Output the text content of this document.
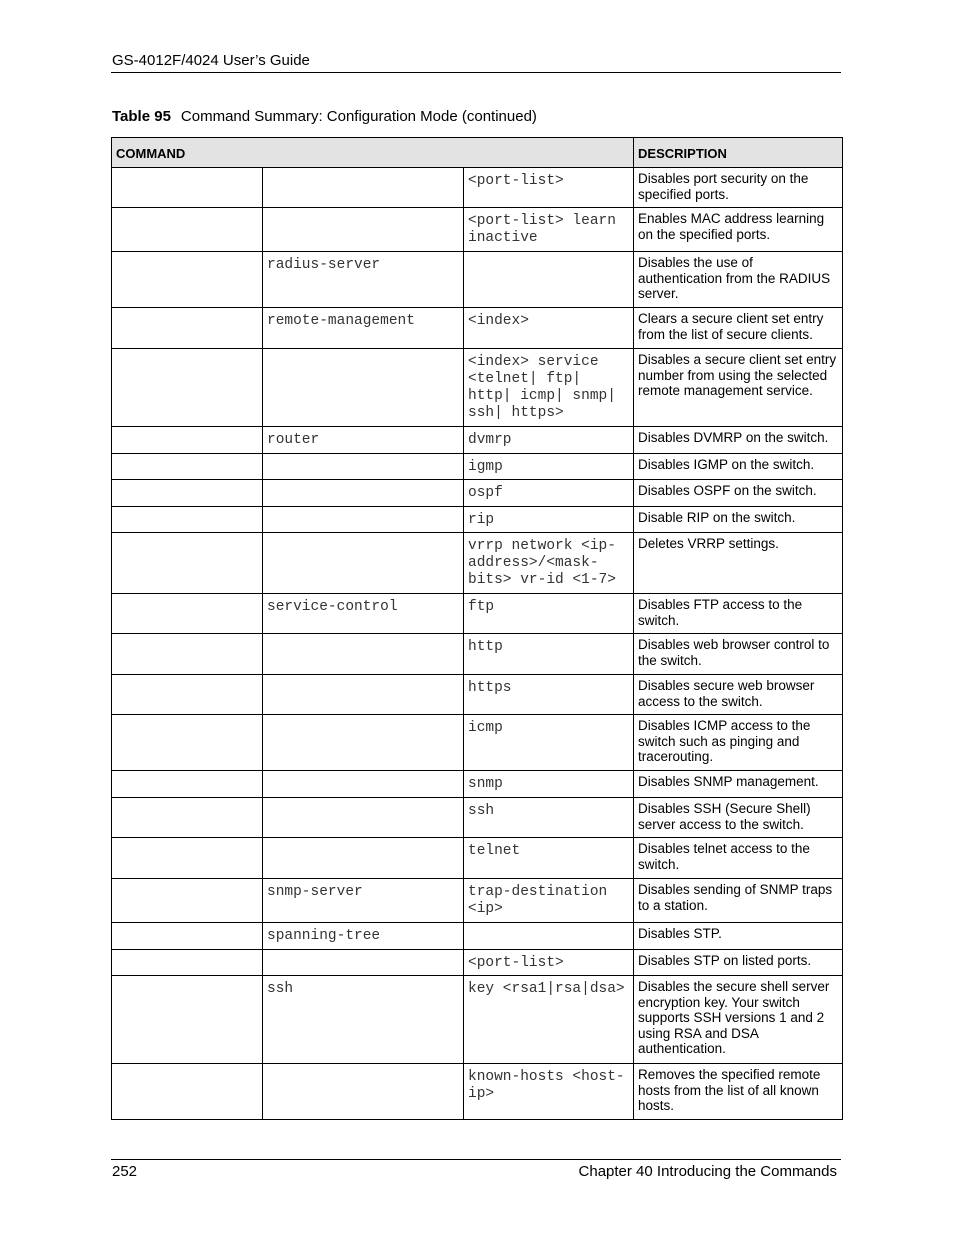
GS-4012F/4024 User’s Guide
Table 95 Command Summary: Configuration Mode (continued)
COMMAND			DESCRIPTION
		<port-list>	Disables port security on the specified ports.
		<port-list> learn inactive	Enables MAC address learning on the specified ports.
	radius-server		Disables the use of authentication from the RADIUS server.
	remote-management	<index>	Clears a secure client set entry from the list of secure clients.
		<index> service <telnet| ftp| http| icmp| snmp| ssh| https>	Disables a secure client set entry number from using the selected remote management service.
	router	dvmrp	Disables DVMRP on the switch.
		igmp	Disables IGMP on the switch.
		ospf	Disables OSPF on the switch.
		rip	Disable RIP on the switch.
		vrrp network <ip-address>/<mask-bits> vr-id <1-7>	Deletes VRRP settings.
	service-control	ftp	Disables FTP access to the switch.
		http	Disables web browser control to the switch.
		https	Disables secure web browser access to the switch.
		icmp	Disables ICMP access to the switch such as pinging and tracerouting.
		snmp	Disables SNMP management.
		ssh	Disables SSH (Secure Shell) server access to the switch.
		telnet	Disables telnet access to the switch.
	snmp-server	trap-destination <ip>	Disables sending of SNMP traps to a station.
	spanning-tree		Disables STP.
		<port-list>	Disables STP on listed ports.
	ssh	key <rsa1|rsa|dsa>	Disables the secure shell server encryption key. Your switch supports SSH versions 1 and 2 using RSA and DSA authentication.
		known-hosts <host-ip>	Removes the specified remote hosts from the list of all known hosts.
252	Chapter 40 Introducing the Commands
